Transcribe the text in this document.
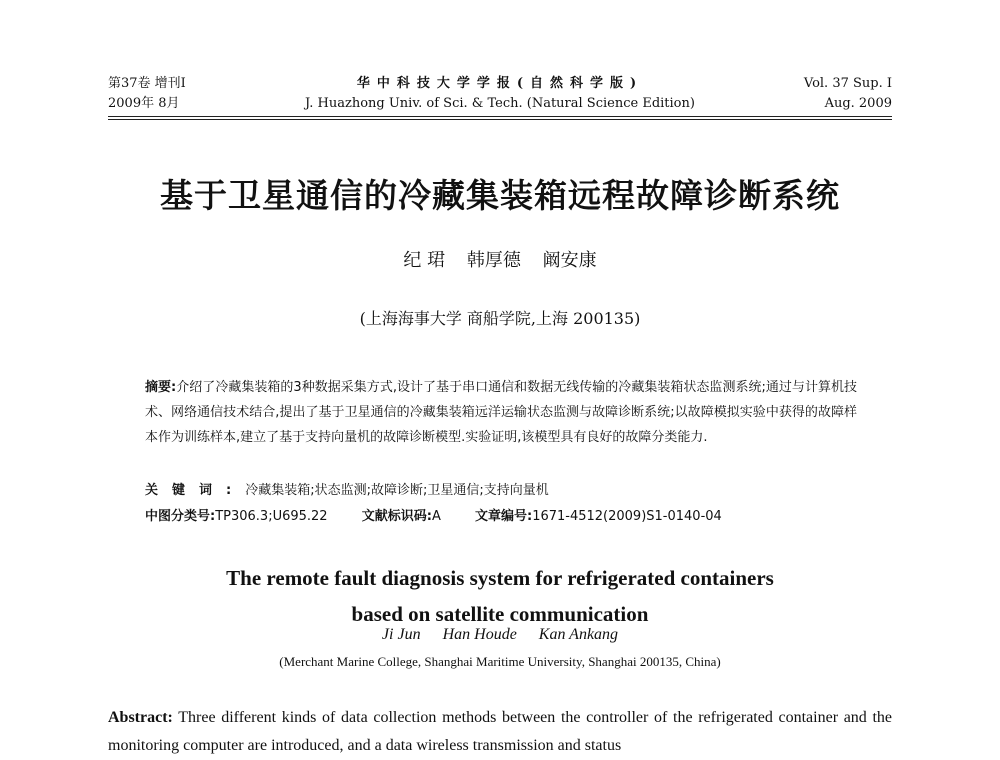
第37卷 增刊Ⅰ
2009年 8月
华中科技大学学报(自然科学版)
J. Huazhong Univ. of Sci. & Tech. (Natural Science Edition)
Vol. 37 Sup. Ⅰ
Aug. 2009
基于卫星通信的冷藏集装箱远程故障诊断系统
纪 珺 韩厚德 阚安康
(上海海事大学 商船学院,上海 200135)
摘要:介绍了冷藏集装箱的3种数据采集方式,设计了基于串口通信和数据无线传输的冷藏集装箱状态监测系统;通过与计算机技术、网络通信技术结合,提出了基于卫星通信的冷藏集装箱远洋运输状态监测与故障诊断系统;以故障模拟实验中获得的故障样本作为训练样本,建立了基于支持向量机的故障诊断模型.实验证明,该模型具有良好的故障分类能力.
关键词:冷藏集装箱;状态监测;故障诊断;卫星通信;支持向量机
中图分类号:TP306.3;U695.22	文献标识码:A	文章编号:1671-4512(2009)S1-0140-04
The remote fault diagnosis system for refrigerated containers
based on satellite communication
Ji Jun Han Houde Kan Ankang
(Merchant Marine College, Shanghai Maritime University, Shanghai 200135, China)
Abstract: Three different kinds of data collection methods between the controller of the refrigerated container and the monitoring computer are introduced, and a data wireless transmission and status
